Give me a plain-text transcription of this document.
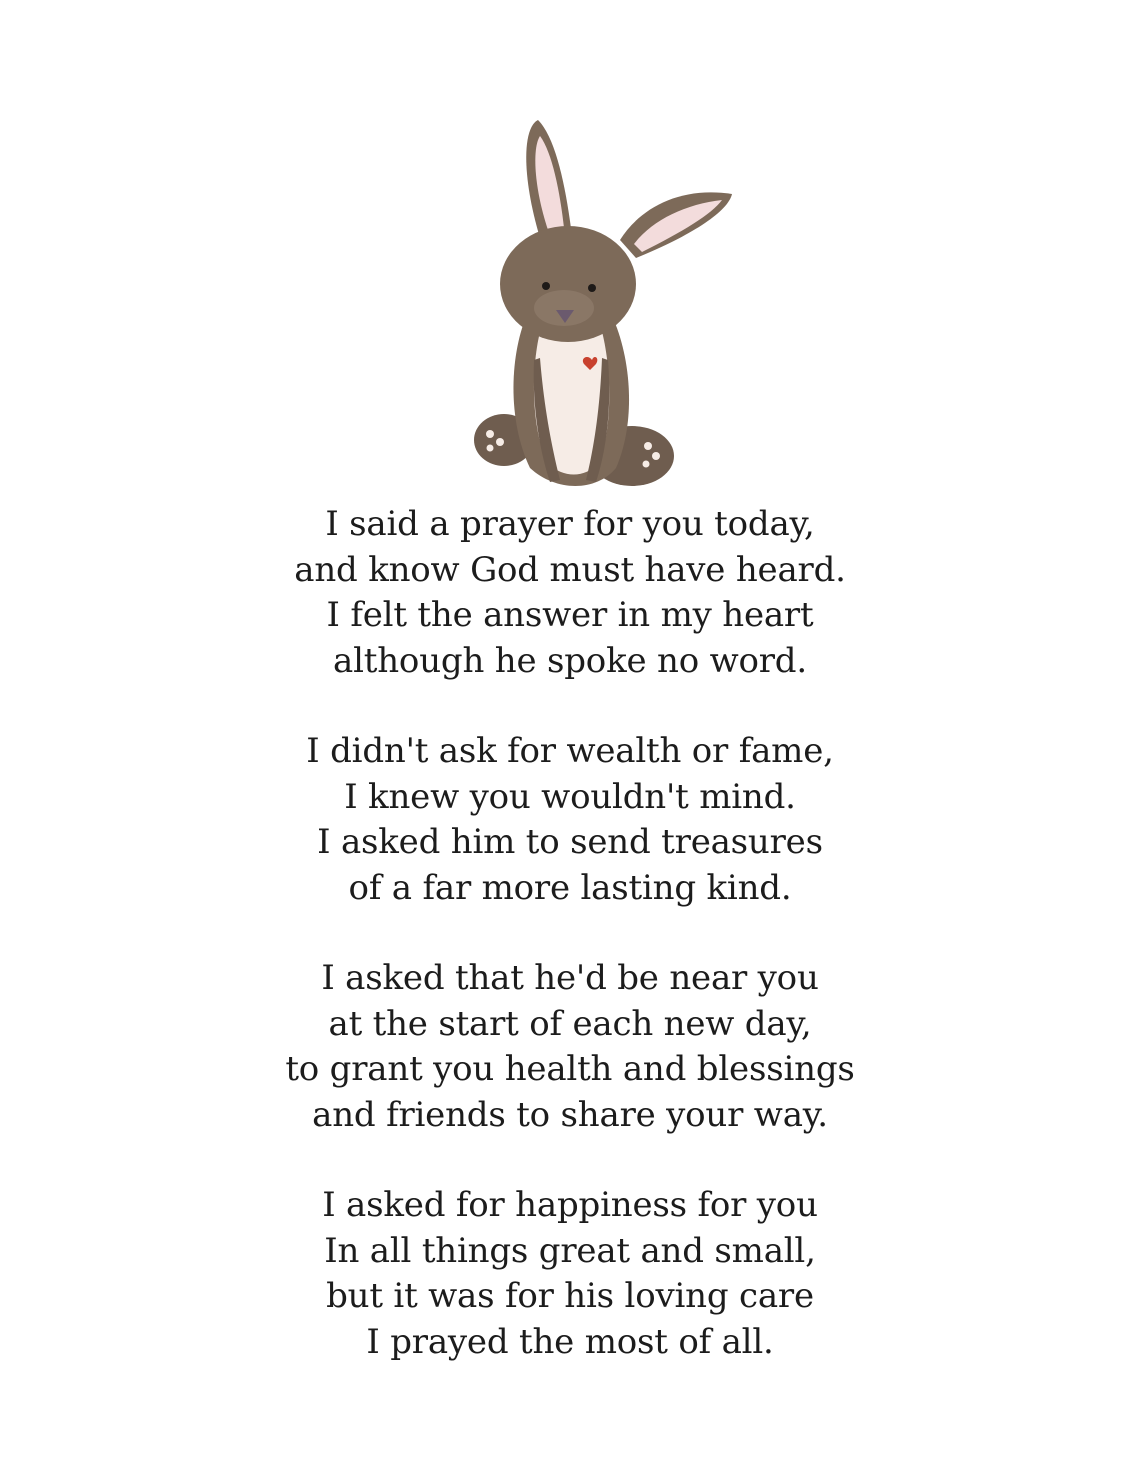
I said a prayer for you today,
and know God must have heard.
I felt the answer in my heart
although he spoke no word.
I didn't ask for wealth or fame,
I knew you wouldn't mind.
I asked him to send treasures
of a far more lasting kind.
I asked that he'd be near you
at the start of each new day,
to grant you health and blessings
and friends to share your way.
I asked for happiness for you
In all things great and small,
but it was for his loving care
I prayed the most of all.
